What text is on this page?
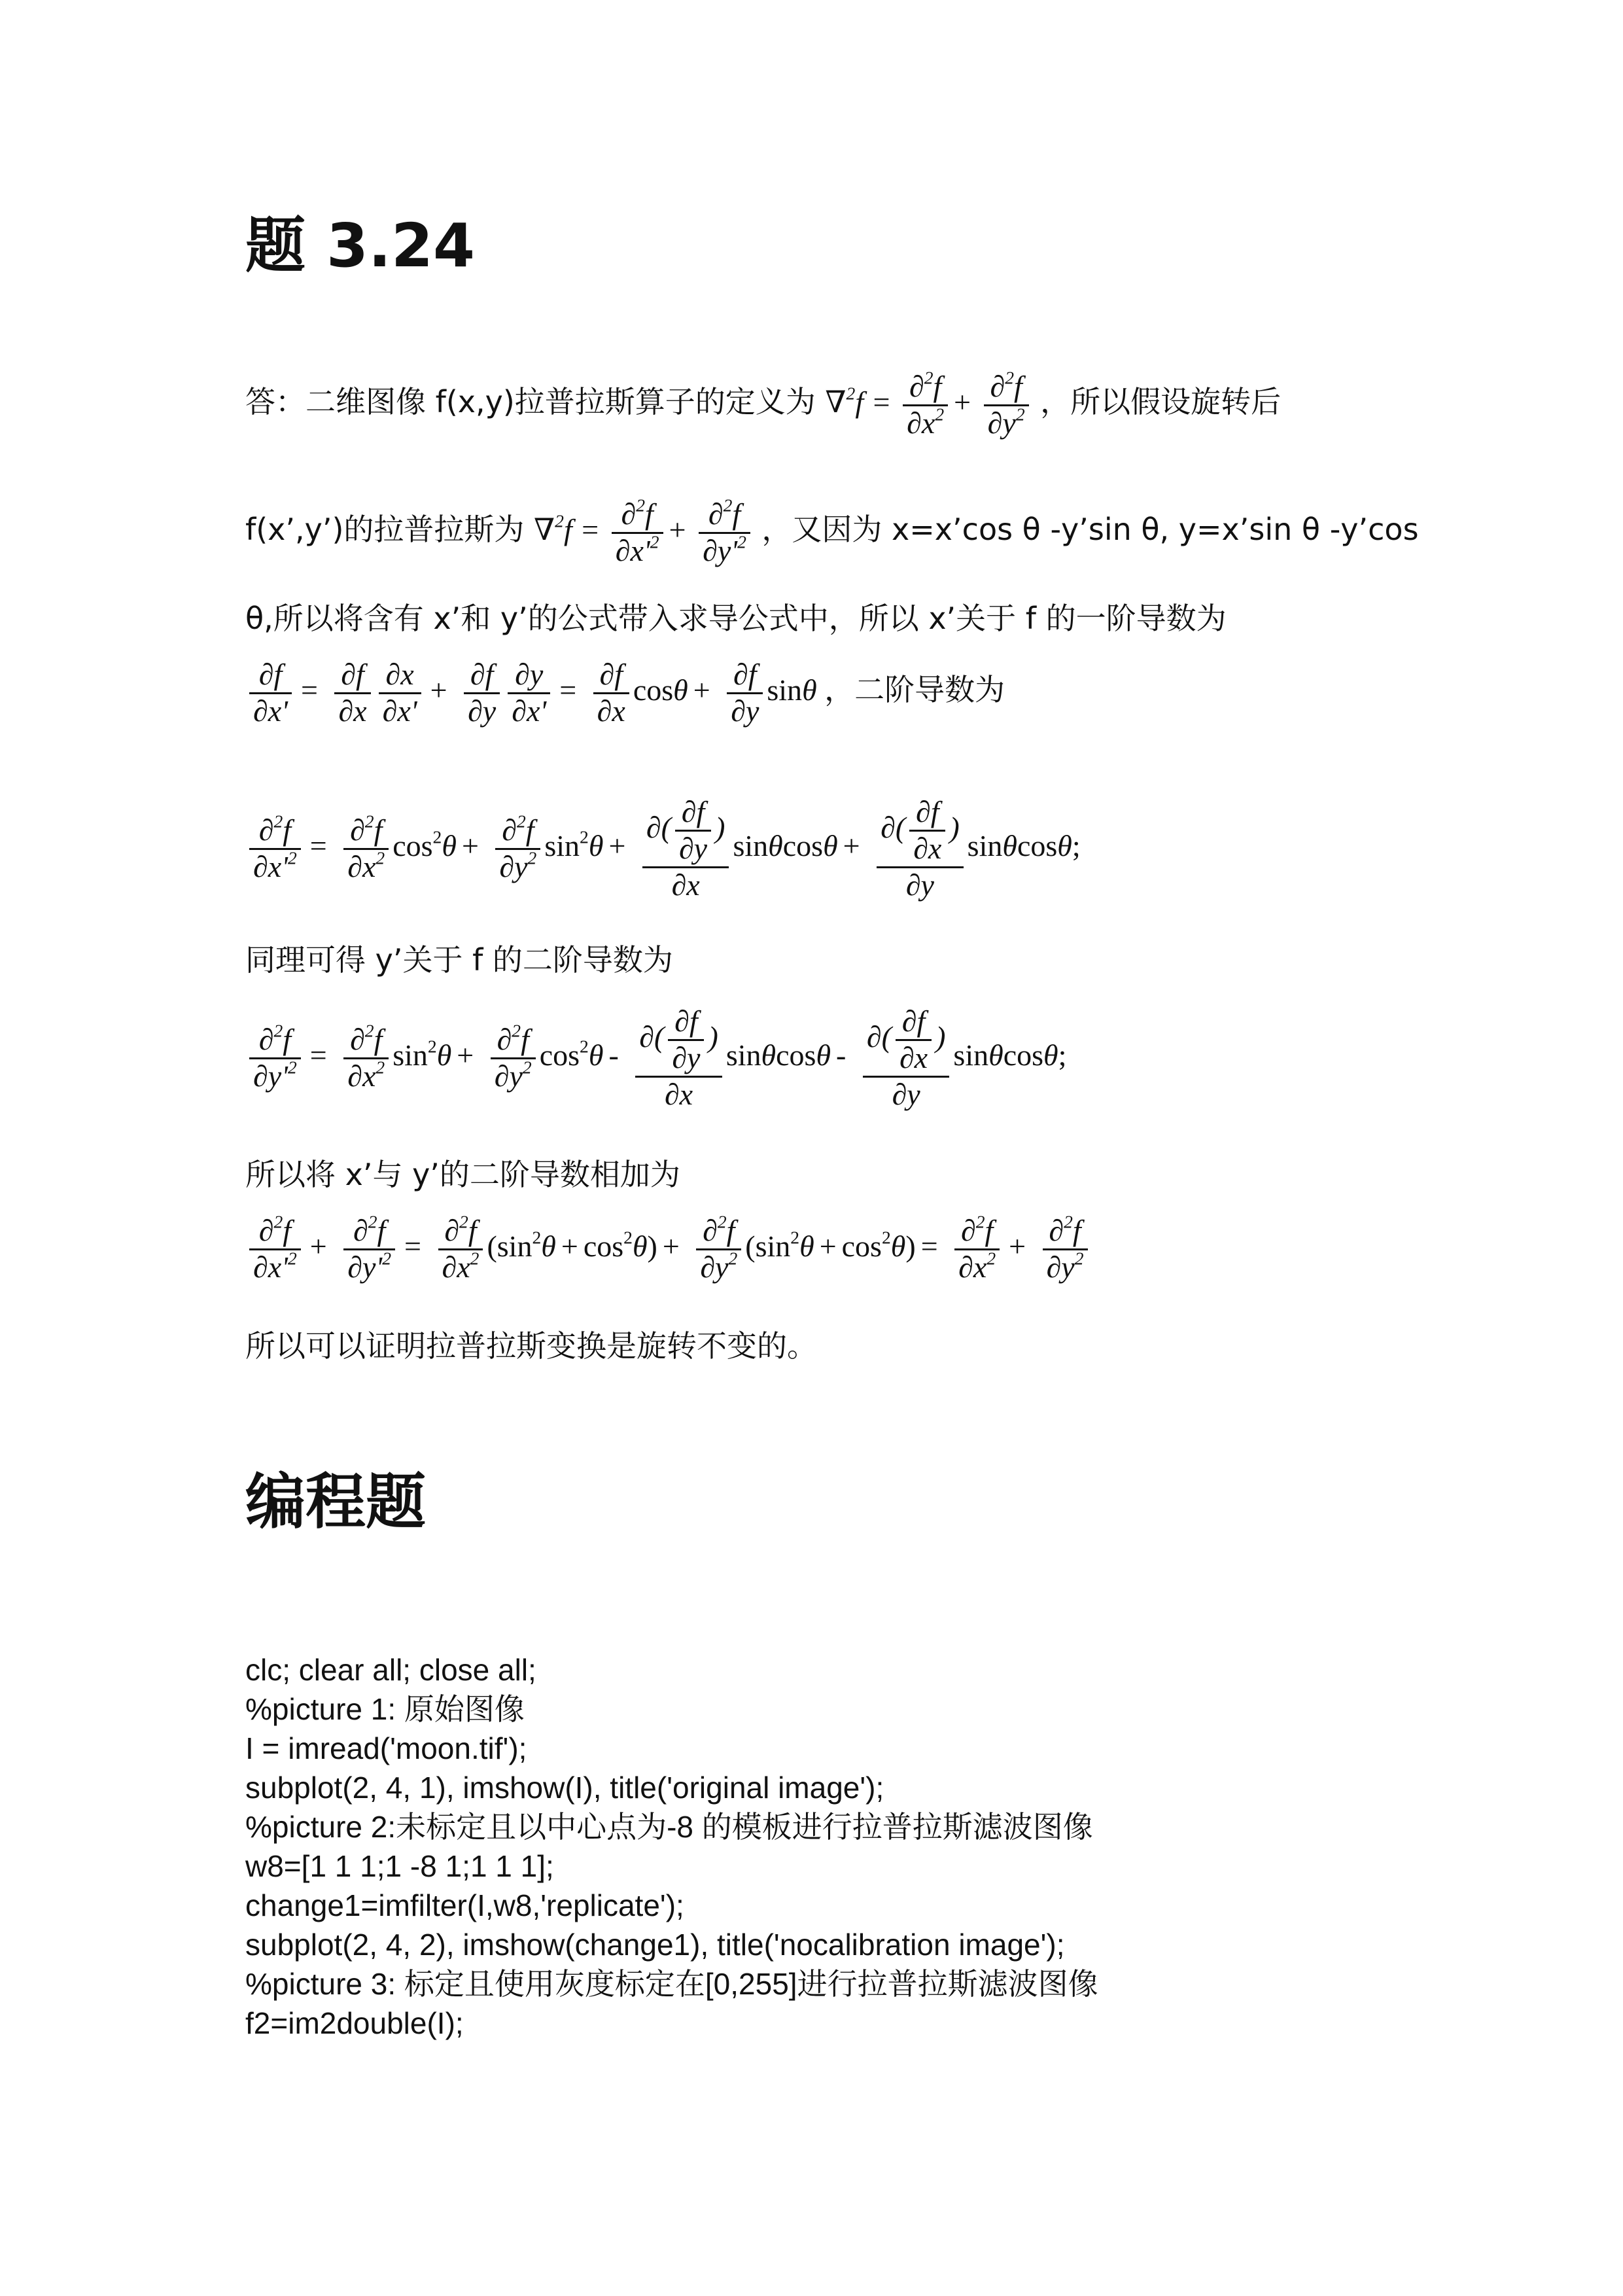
题 3.24
答：二维图像 f(x,y)拉普拉斯算子的定义为 $\nabla^2f = \frac{\partial^2f}{\partial x^2} + \frac{\partial^2f}{\partial y^2}$ ，所以假设旋转后
f(x’,y’)的拉普拉斯为 $\nabla^2f = \frac{\partial^2f}{\partial x'^2} + \frac{\partial^2f}{\partial y'^2}$ ，又因为 x=x’cos θ -y’sin θ, y=x’sin θ -y’cos
θ,所以将含有 x’和 y’的公式带入求导公式中，所以 x’关于 f 的一阶导数为
$\frac{\partial f}{\partial x'} = \frac{\partial f}{\partial x} \frac{\partial x}{\partial x'} + \frac{\partial f}{\partial y} \frac{\partial y}{\partial x'} = \frac{\partial f}{\partial x}$ $\cos\theta + \frac{\partial f}{\partial y}$ sinθ ，二阶导数为
$\frac{\partial^2f}{\partial x'^2} = \frac{\partial^2f}{\partial x^2} \cos^2\theta + \frac{\partial^2f}{\partial y^2} \sin^2\theta + \frac{\partial( \frac{\partial f}{\partial y} )}{\partial x}$ $\sin\theta\cos\theta + \frac{\partial( \frac{\partial f}{\partial x} )}{\partial y} \sin\theta\cos\theta$;
同理可得 y’关于 f 的二阶导数为
$\frac{\partial^2f}{\partial y'^2} = \frac{\partial^2f}{\partial x^2} \sin^2\theta + \frac{\partial^2f}{\partial y^2} \cos^2\theta - \frac{\partial( \frac{\partial f}{\partial y} )}{\partial x}$ sinθcosθ - $\frac{\partial( \frac{\partial f}{\partial x} )}{\partial y} \sin\theta\cos\theta$;
所以将 x’与 y’的二阶导数相加为
$\frac{\partial^2f}{\partial x'^2} + \frac{\partial^2f}{\partial y'^2} = \frac{\partial^2f}{\partial x^2} (\sin^2\theta + \cos^2\theta) + \frac{\partial^2f}{\partial y^2} (\sin^2\theta + \cos^2\theta) = \frac{\partial^2f}{\partial x^2} + \frac{\partial^2f}{\partial y^2}$
所以可以证明拉普拉斯变换是旋转不变的。
编程题
clc; clear all; close all;
%picture 1: 原始图像
I = imread('moon.tif');
subplot(2, 4, 1), imshow(I), title('original image');
%picture 2:未标定且以中心点为-8 的模板进行拉普拉斯滤波图像
w8=[1 1 1;1 -8 1;1 1 1];
change1=imfilter(I,w8,'replicate');
subplot(2, 4, 2), imshow(change1), title('nocalibration image');
%picture 3: 标定且使用灰度标定在[0,255]进行拉普拉斯滤波图像
f2=im2double(I);
